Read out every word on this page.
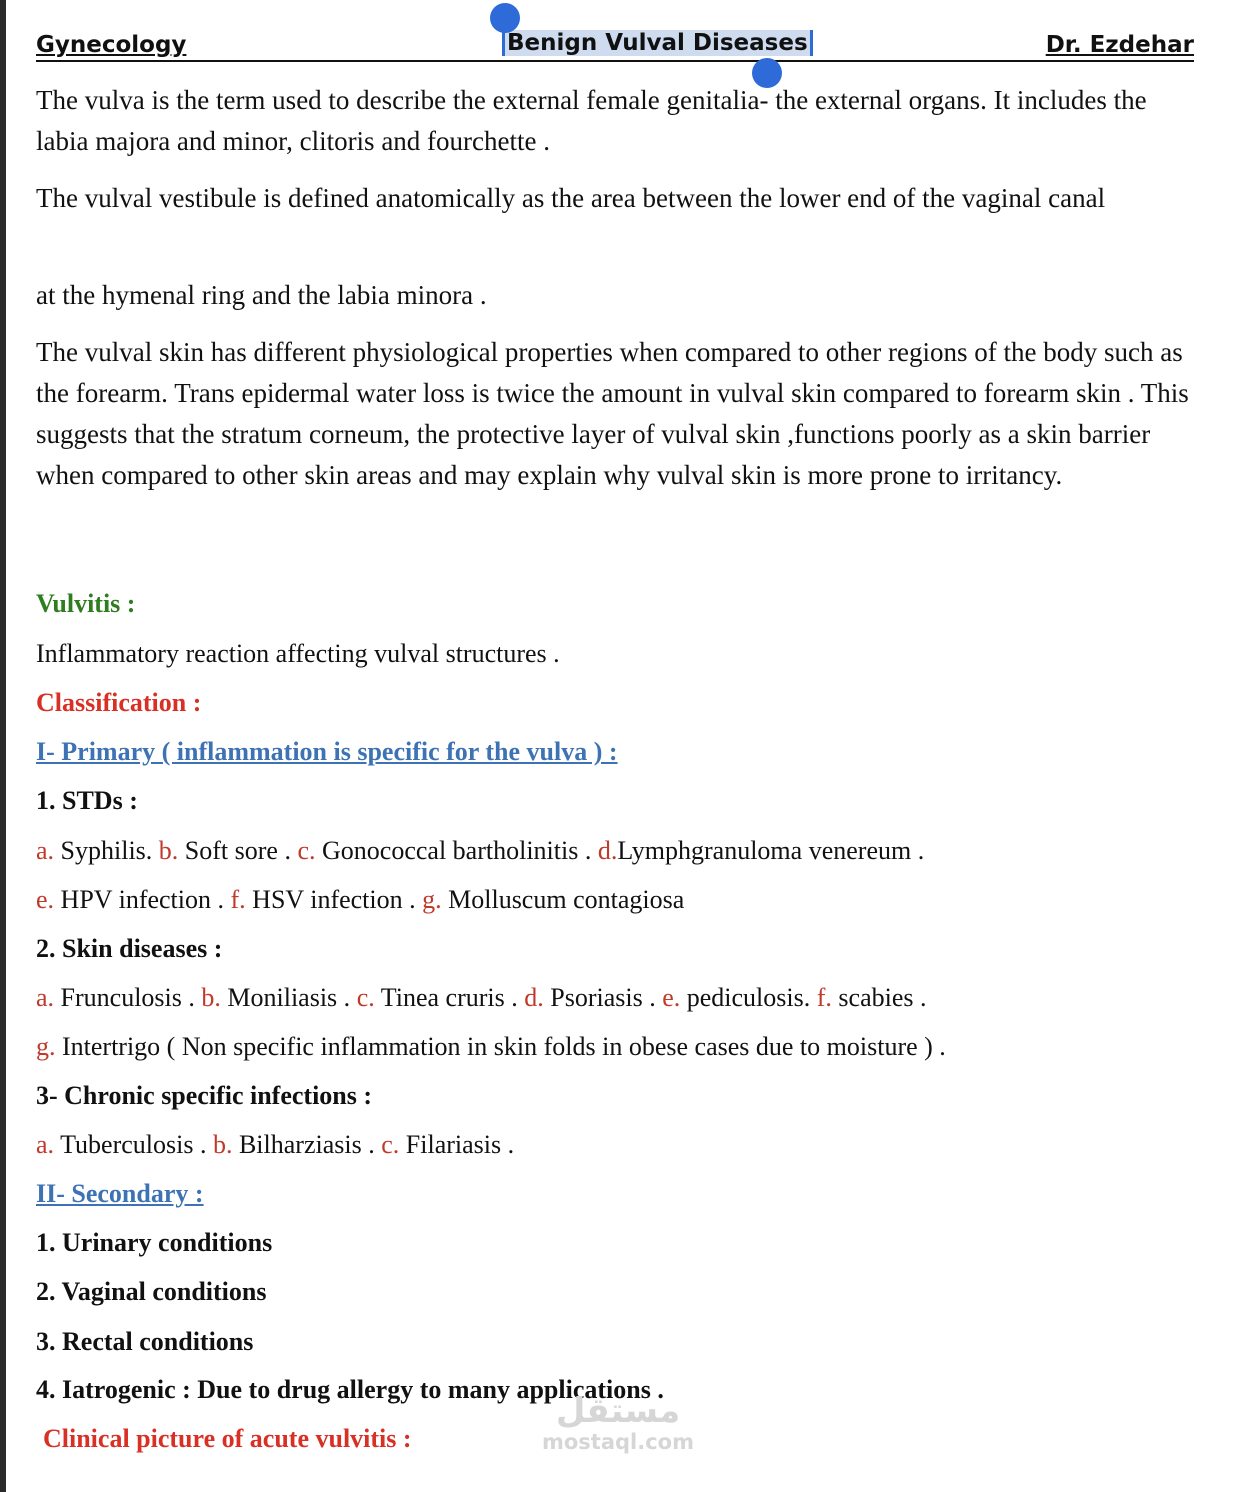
Gynecology	Benign Vulval Diseases	Dr. Ezdehar

The vulva is the term used to describe the external female genitalia- the external organs. It includes the labia majora and minor, clitoris and fourchette .

The vulval vestibule is defined anatomically as the area between the lower end of the vaginal canal

at the hymenal ring and the labia minora .

The vulval skin has different physiological properties when compared to other regions of the body such as the forearm. Trans epidermal water loss is twice the amount in vulval skin compared to forearm skin . This suggests that the stratum corneum, the protective layer of vulval skin ,functions poorly as a skin barrier when compared to other skin areas and may explain why vulval skin is more prone to irritancy.

Vulvitis :

Inflammatory reaction affecting vulval structures .

Classification :

I- Primary ( inflammation is specific for the vulva ) :

1. STDs :

a. Syphilis. b. Soft sore . c. Gonococcal bartholinitis . d.Lymphgranuloma venereum .

e. HPV infection . f. HSV infection . g. Molluscum contagiosa

2. Skin diseases :

a. Frunculosis . b. Moniliasis . c. Tinea cruris . d. Psoriasis . e. pediculosis. f. scabies .

g. Intertrigo ( Non specific inflammation in skin folds in obese cases due to moisture ) .

3- Chronic specific infections :

a. Tuberculosis . b. Bilharziasis . c. Filariasis .

II- Secondary :

1. Urinary conditions

2. Vaginal conditions

3. Rectal conditions

4. Iatrogenic : Due to drug allergy to many applications .

Clinical picture of acute vulvitis :

مستقل
mostaql.com
